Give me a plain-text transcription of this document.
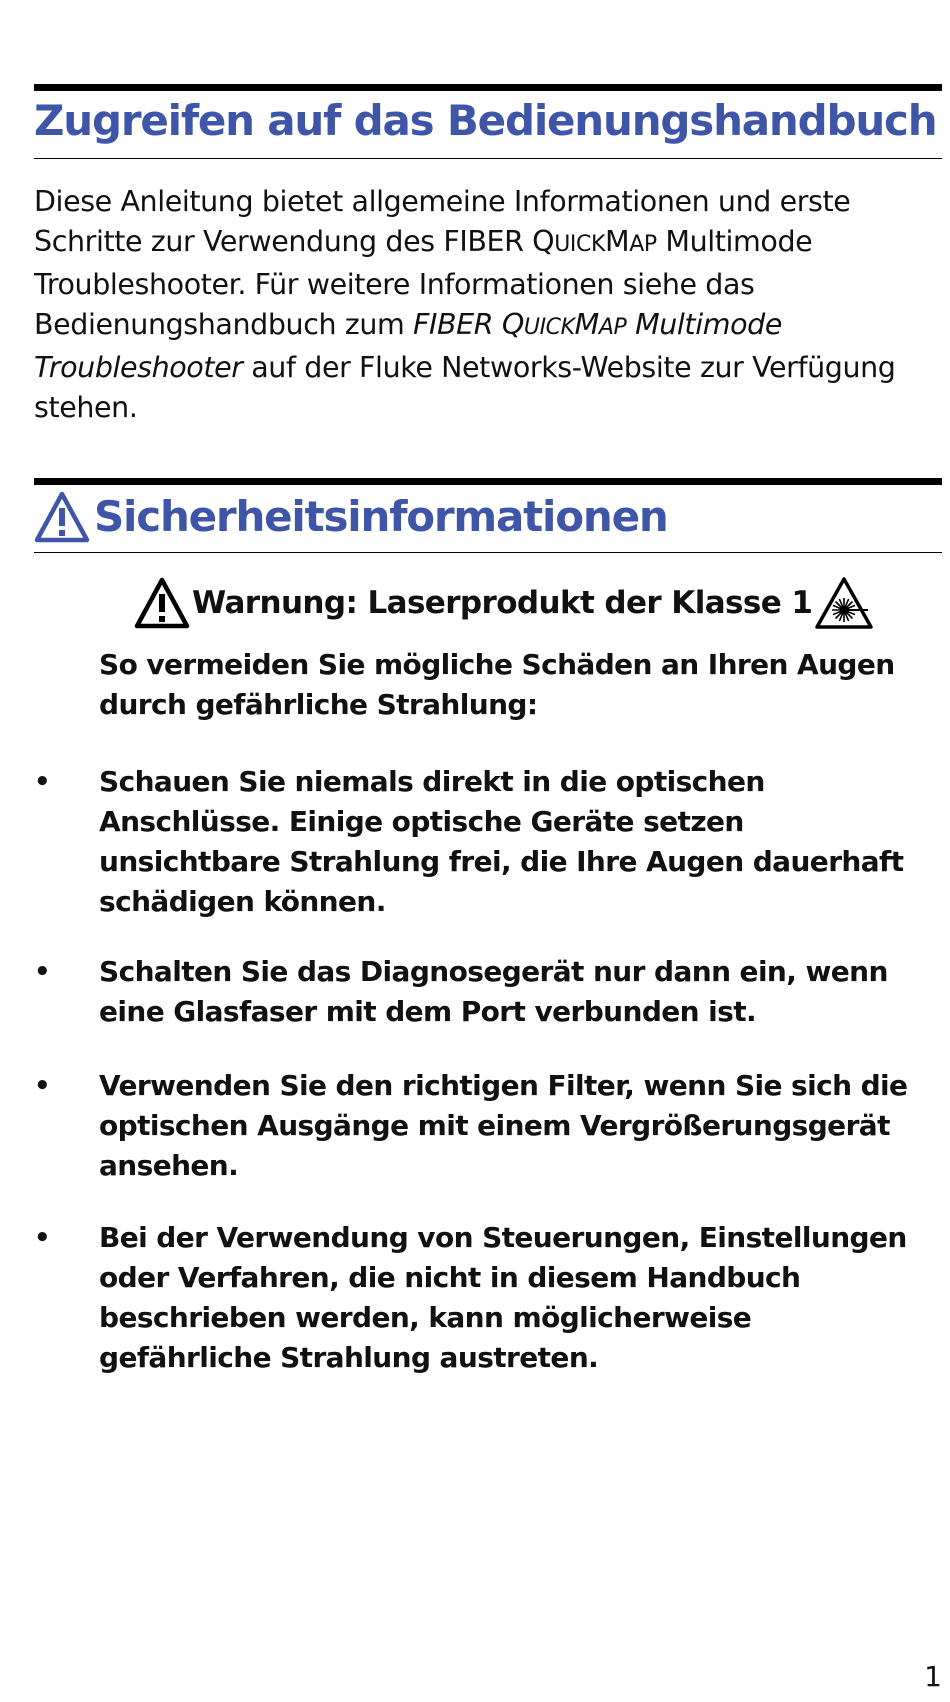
Zugreifen auf das Bedienungshandbuch

Diese Anleitung bietet allgemeine Informationen und erste Schritte zur Verwendung des FIBER QUICKMAP Multimode Troubleshooter. Für weitere Informationen siehe das Bedienungshandbuch zum FIBER QUICKMAP Multimode Troubleshooter auf der Fluke Networks-Website zur Verfügung stehen.

Sicherheitsinformationen
Warnung: Laserprodukt der Klasse 1

So vermeiden Sie mögliche Schäden an Ihren Augen durch gefährliche Strahlung:

• Schauen Sie niemals direkt in die optischen Anschlüsse. Einige optische Geräte setzen unsichtbare Strahlung frei, die Ihre Augen dauerhaft schädigen können.

• Schalten Sie das Diagnosegerät nur dann ein, wenn eine Glasfaser mit dem Port verbunden ist.

• Verwenden Sie den richtigen Filter, wenn Sie sich die optischen Ausgänge mit einem Vergrößerungsgerät ansehen.

• Bei der Verwendung von Steuerungen, Einstellungen oder Verfahren, die nicht in diesem Handbuch beschrieben werden, kann möglicherweise gefährliche Strahlung austreten.

1
